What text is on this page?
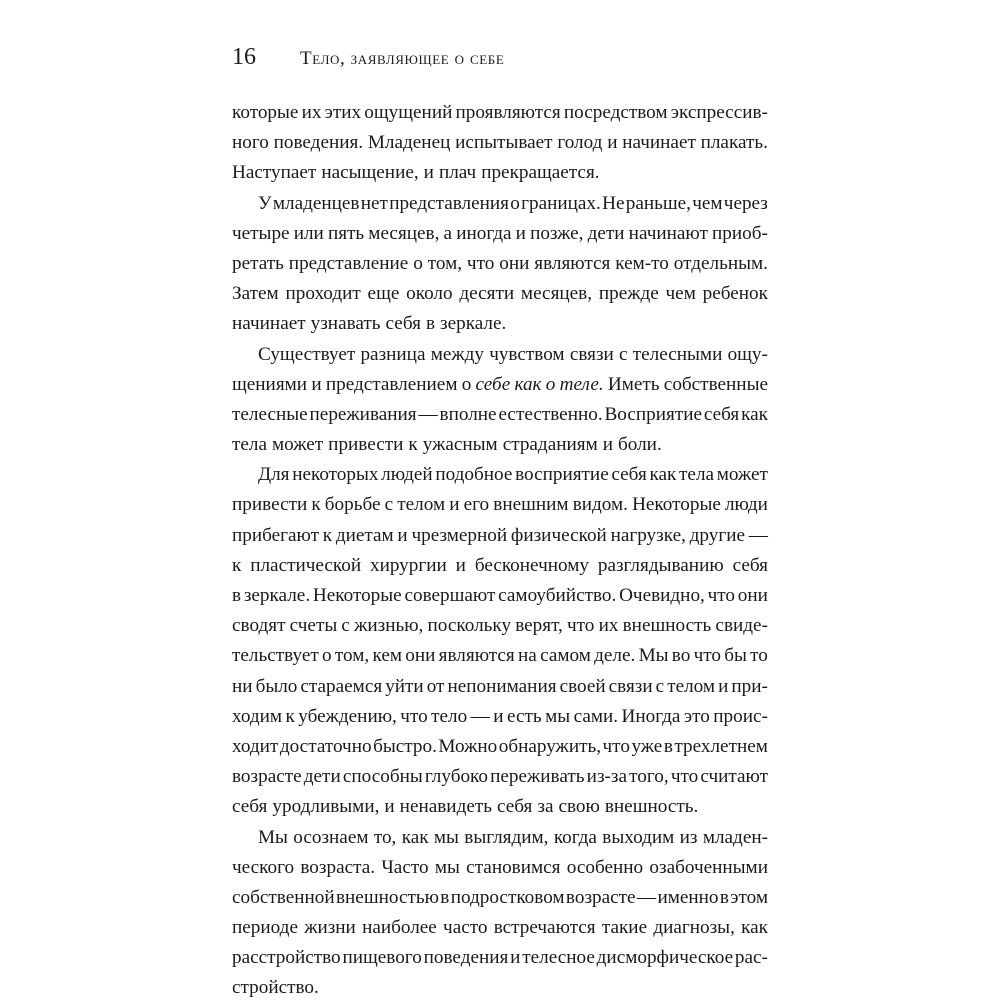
16 Тело, заявляющее о себе
которые их этих ощущений проявляются посредством экспрессив-
ного поведения. Младенец испытывает голод и начинает плакать.
Наступает насыщение, и плач прекращается.
У младенцев нет представления о границах. Не раньше, чем через
четыре или пять месяцев, а иногда и позже, дети начинают приоб-
ретать представление о том, что они являются кем-то отдельным.
Затем проходит еще около десяти месяцев, прежде чем ребенок
начинает узнавать себя в зеркале.
Существует разница между чувством связи с телесными ощу-
щениями и представлением о себе как о теле. Иметь собственные
телесные переживания — вполне естественно. Восприятие себя как
тела может привести к ужасным страданиям и боли.
Для некоторых людей подобное восприятие себя как тела может
привести к борьбе с телом и его внешним видом. Некоторые люди
прибегают к диетам и чрезмерной физической нагрузке, другие —
к пластической хирургии и бесконечному разглядыванию себя
в зеркале. Некоторые совершают самоубийство. Очевидно, что они
сводят счеты с жизнью, поскольку верят, что их внешность свиде-
тельствует о том, кем они являются на самом деле. Мы во что бы то
ни было стараемся уйти от непонимания своей связи с телом и при-
ходим к убеждению, что тело — и есть мы сами. Иногда это проис-
ходит достаточно быстро. Можно обнаружить, что уже в трехлетнем
возрасте дети способны глубоко переживать из-за того, что считают
себя уродливыми, и ненавидеть себя за свою внешность.
Мы осознаем то, как мы выглядим, когда выходим из младен-
ческого возраста. Часто мы становимся особенно озабоченными
собственной внешностью в подростковом возрасте — именно в этом
периоде жизни наиболее часто встречаются такие диагнозы, как
расстройство пищевого поведения и телесное дисморфическое рас-
стройство.
